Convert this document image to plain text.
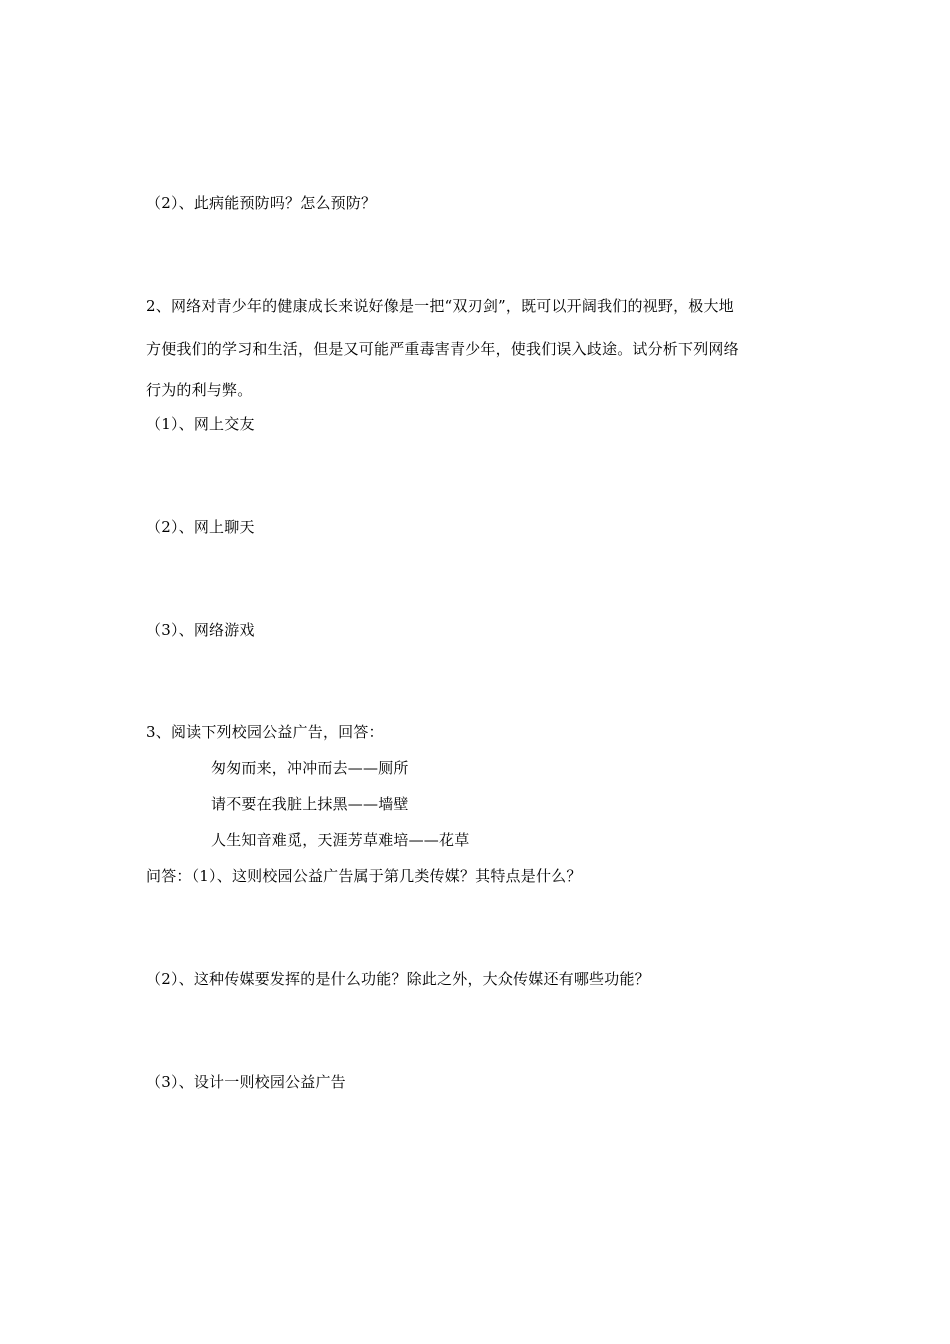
（2）、此病能预防吗？怎么预防？
2、网络对青少年的健康成长来说好像是一把“双刃剑”，既可以开阔我们的视野，极大地
方便我们的学习和生活，但是又可能严重毒害青少年，使我们误入歧途。试分析下列网络
行为的利与弊。
（1）、网上交友
（2）、网上聊天
（3）、网络游戏
3、阅读下列校园公益广告，回答：
匆匆而来，冲冲而去——厕所
请不要在我脏上抹黑——墙壁
人生知音难觅，天涯芳草难培——花草
问答：（1）、这则校园公益广告属于第几类传媒？其特点是什么？
（2）、这种传媒要发挥的是什么功能？除此之外，大众传媒还有哪些功能？
（3）、设计一则校园公益广告
